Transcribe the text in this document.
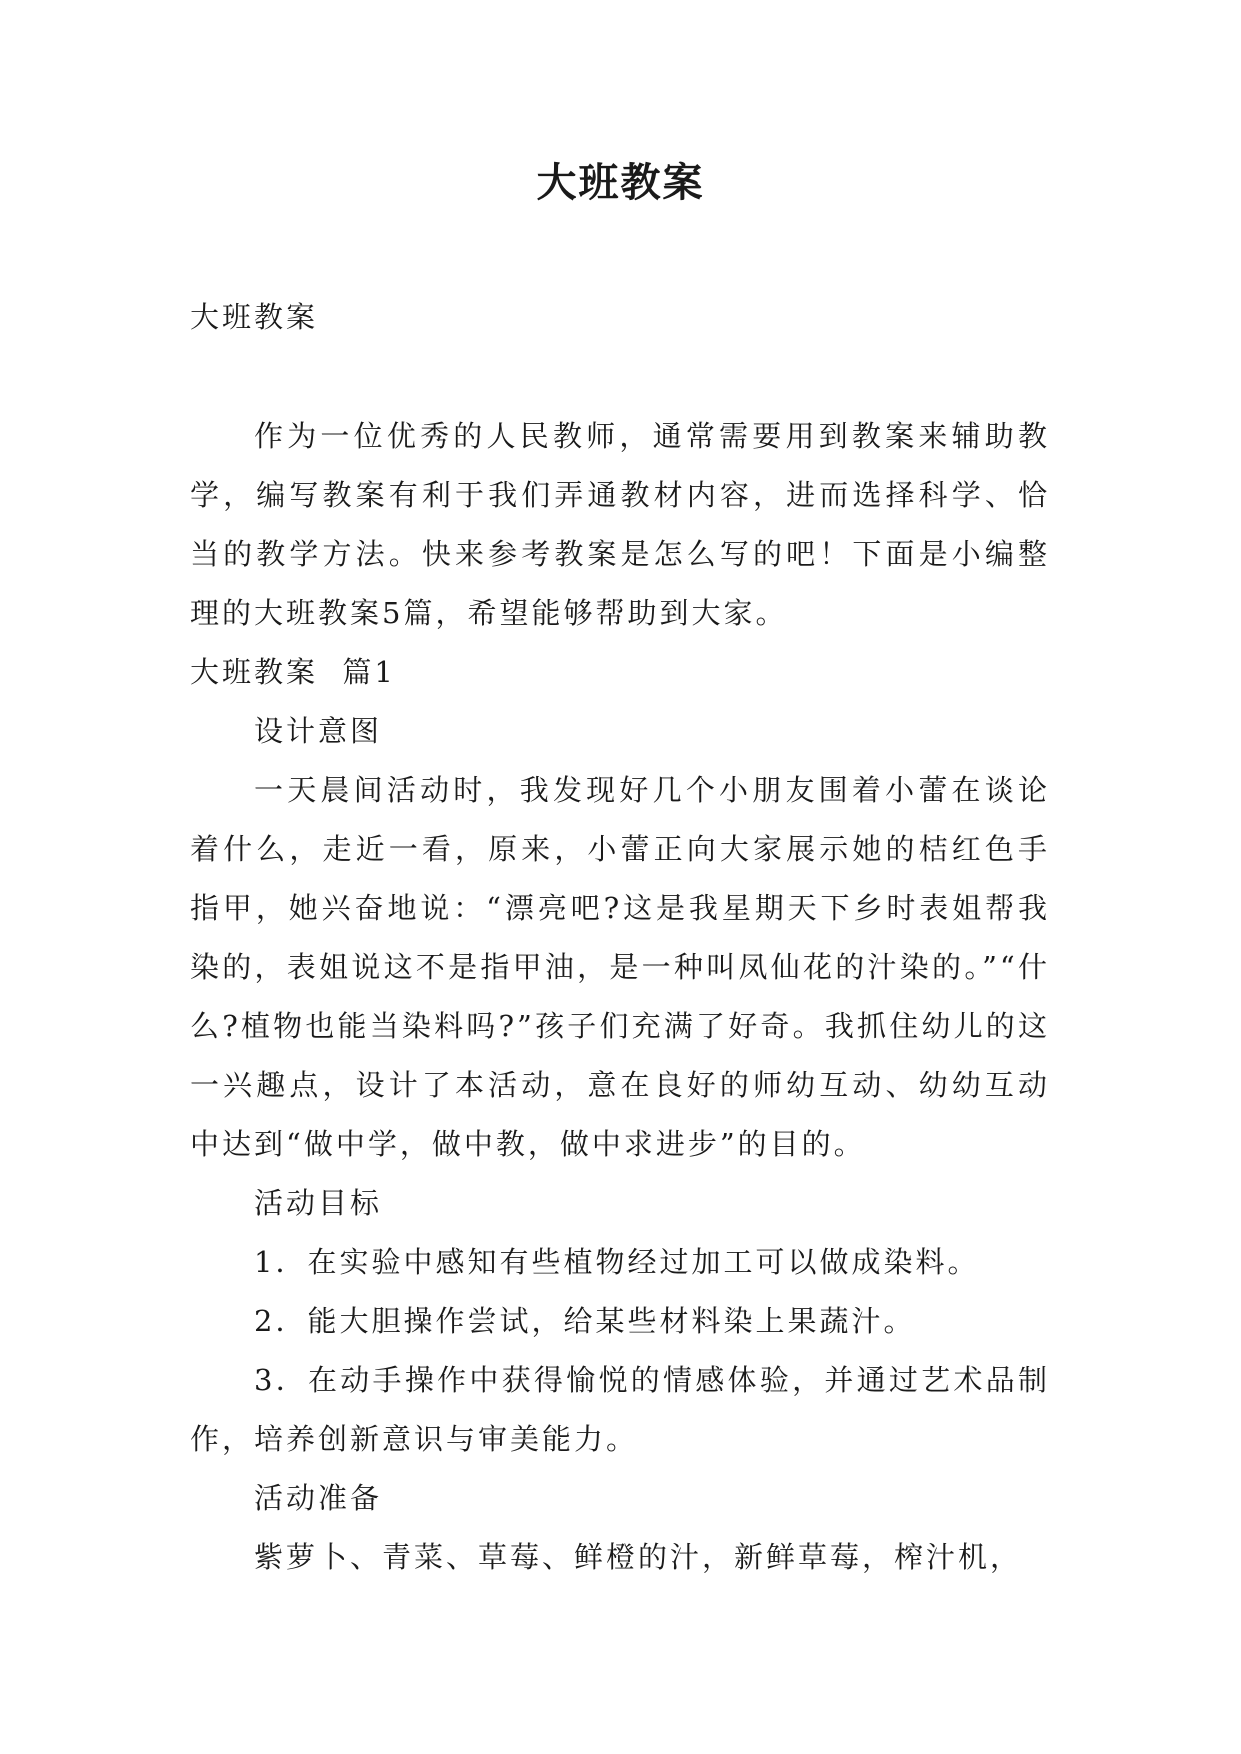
大班教案

大班教案

作为一位优秀的人民教师，通常需要用到教案来辅助教学，编写教案有利于我们弄通教材内容，进而选择科学、恰当的教学方法。快来参考教案是怎么写的吧！下面是小编整理的大班教案5篇，希望能够帮助到大家。

大班教案  篇1

设计意图

一天晨间活动时，我发现好几个小朋友围着小蕾在谈论着什么，走近一看，原来，小蕾正向大家展示她的桔红色手指甲，她兴奋地说：“漂亮吧?这是我星期天下乡时表姐帮我染的，表姐说这不是指甲油，是一种叫凤仙花的汁染的。”“什么?植物也能当染料吗?”孩子们充满了好奇。我抓住幼儿的这一兴趣点，设计了本活动，意在良好的师幼互动、幼幼互动中达到“做中学，做中教，做中求进步”的目的。

活动目标

1．在实验中感知有些植物经过加工可以做成染料。

2．能大胆操作尝试，给某些材料染上果蔬汁。

3．在动手操作中获得愉悦的情感体验，并通过艺术品制作，培养创新意识与审美能力。

活动准备

紫萝卜、青菜、草莓、鲜橙的汁，新鲜草莓，榨汁机，
